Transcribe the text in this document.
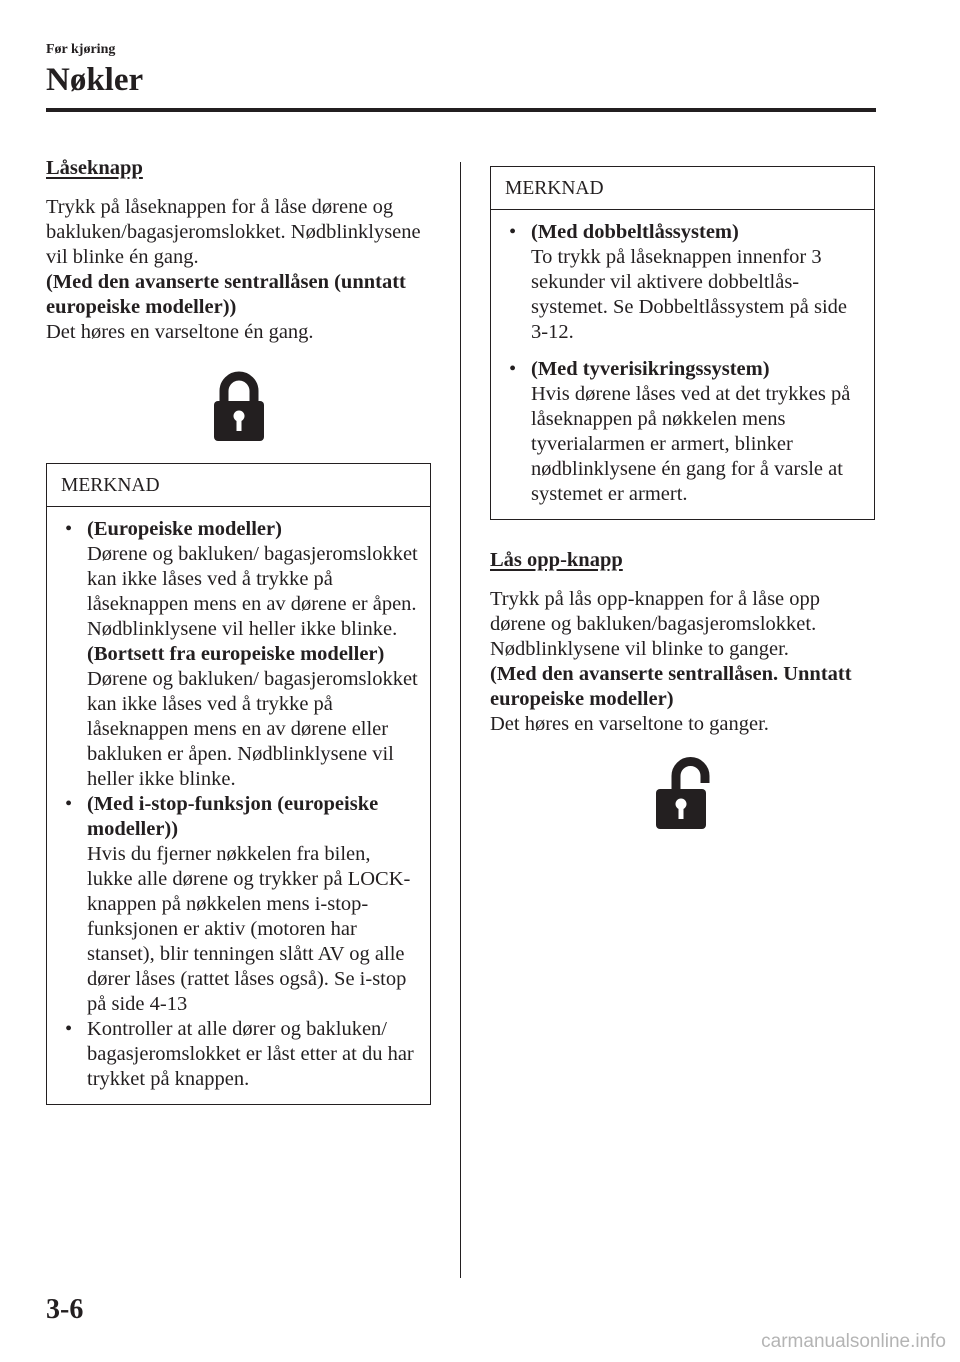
Før kjøring
Nøkler
Låseknapp

Trykk på låseknappen for å låse dørene og bakluken/bagasjeromslokket. Nødblinklysene vil blinke én gang.

(Med den avanserte sentrallåsen (unntatt europeiske modeller))

Det høres en varseltone én gang.

MERKNAD
• (Europeiske modeller)
Dørene og bakluken/ bagasjeromslokket kan ikke låses ved å trykke på låseknappen mens en av dørene er åpen. Nødblinklysene vil heller ikke blinke.
(Bortsett fra europeiske modeller)
Dørene og bakluken/ bagasjeromslokket kan ikke låses ved å trykke på låseknappen mens en av dørene eller bakluken er åpen. Nødblinklysene vil heller ikke blinke.
• (Med i-stop-funksjon (europeiske modeller))
Hvis du fjerner nøkkelen fra bilen, lukke alle dørene og trykker på LOCK-knappen på nøkkelen mens i-stop-funksjonen er aktiv (motoren har stanset), blir tenningen slått AV og alle dører låses (rattet låses også). Se i-stop på side 4-13
• Kontroller at alle dører og bakluken/ bagasjeromslokket er låst etter at du har trykket på knappen.
MERKNAD
• (Med dobbeltlåssystem)
To trykk på låseknappen innenfor 3 sekunder vil aktivere dobbeltlås-systemet. Se Dobbeltlåssystem på side 3-12.
• (Med tyverisikringssystem)
Hvis dørene låses ved at det trykkes på låseknappen på nøkkelen mens tyverialarmen er armert, blinker nødblinklysene én gang for å varsle at systemet er armert.
Lås opp-knapp

Trykk på lås opp-knappen for å låse opp dørene og bakluken/bagasjeromslokket. Nødblinklysene vil blinke to ganger.

(Med den avanserte sentrallåsen. Unntatt europeiske modeller)

Det høres en varseltone to ganger.

3-6
carmanualsonline.info
